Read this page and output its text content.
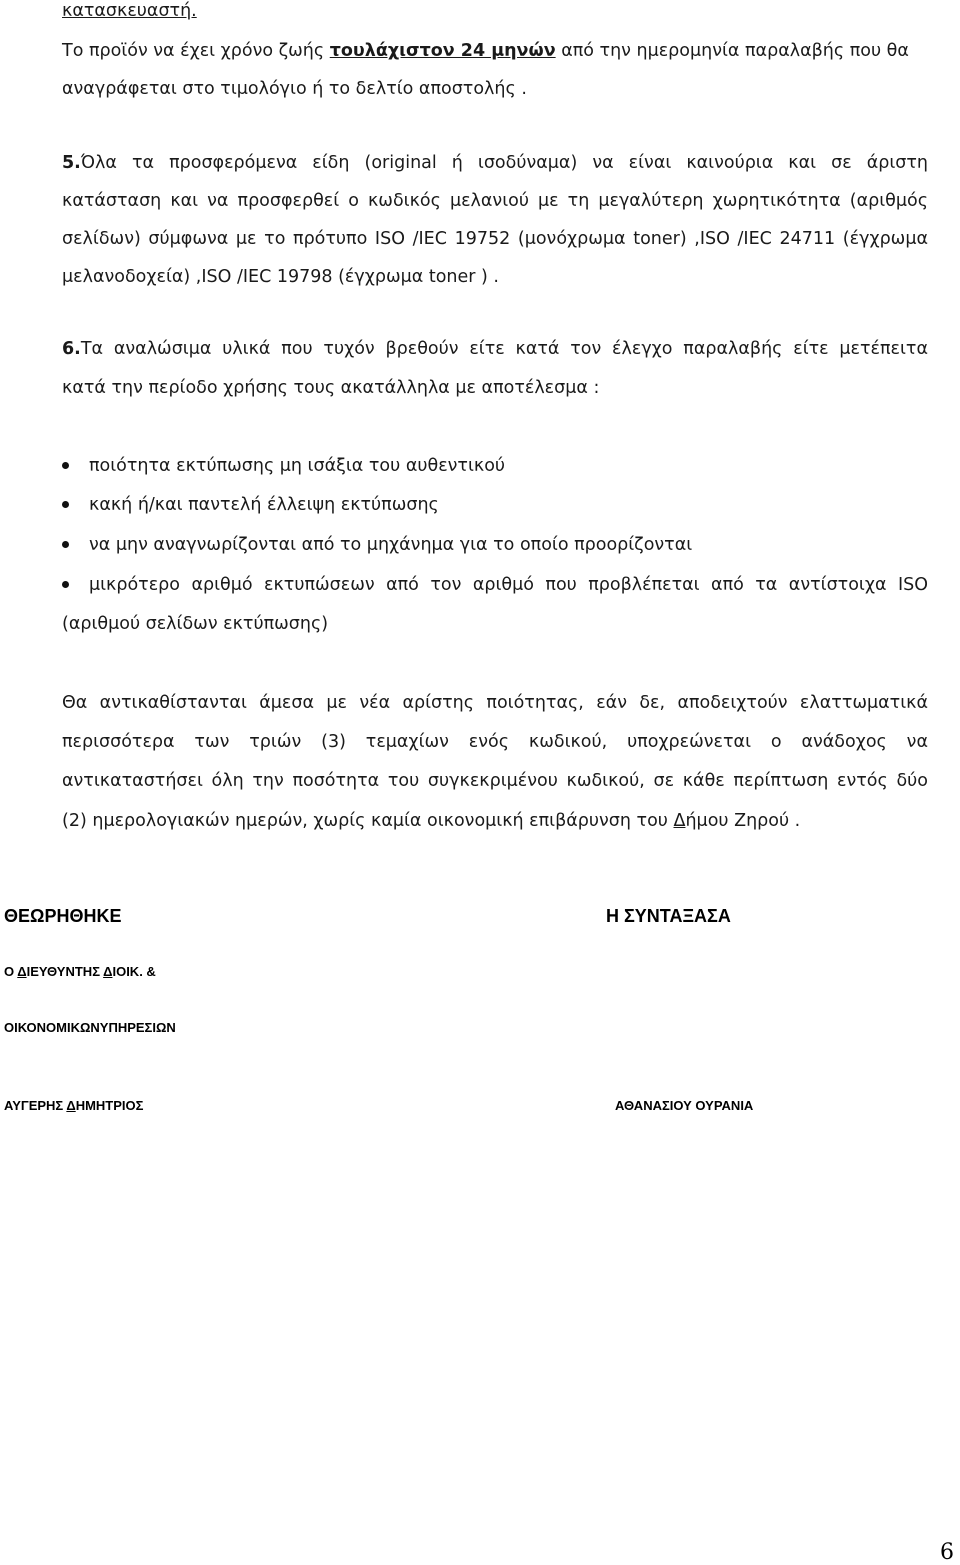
κατασκευαστή.
Το προϊόν να έχει χρόνο ζωής τουλάχιστον 24 μηνών από την ημερομηνία παραλαβής που θα
αναγράφεται στο τιμολόγιο ή το δελτίο αποστολής .
5.Όλα τα προσφερόμενα είδη (original ή ισοδύναμα) να είναι καινούρια και σε άριστη
κατάσταση και να προσφερθεί ο κωδικός μελανιού με τη μεγαλύτερη χωρητικότητα (αριθμός
σελίδων) σύμφωνα με το πρότυπο ISO /IEC 19752 (μονόχρωμα toner) ,ISO /IEC 24711 (έγχρωμα
μελανοδοχεία) ,ISO /IEC 19798 (έγχρωμα toner ) .
6.Τα αναλώσιμα υλικά που τυχόν βρεθούν είτε κατά τον έλεγχο παραλαβής είτε μετέπειτα
κατά την περίοδο χρήσης τους ακατάλληλα με αποτέλεσμα :
ποιότητα εκτύπωσης μη ισάξια του αυθεντικού
κακή ή/και παντελή έλλειψη εκτύπωσης
να μην αναγνωρίζονται από το μηχάνημα για το οποίο προορίζονται
μικρότερο αριθμό εκτυπώσεων από τον αριθμό που προβλέπεται από τα αντίστοιχα ISO
(αριθμού σελίδων εκτύπωσης)
Θα αντικαθίστανται άμεσα με νέα αρίστης ποιότητας, εάν δε, αποδειχτούν ελαττωματικά
περισσότερα των τριών (3) τεμαχίων ενός κωδικού, υποχρεώνεται ο ανάδοχος να
αντικαταστήσει όλη την ποσότητα του συγκεκριμένου κωδικού, σε κάθε περίπτωση εντός δύο
(2) ημερολογιακών ημερών, χωρίς καμία οικονομική επιβάρυνση του Δήμου Ζηρού .
ΘΕΩΡΗΘΗΚΕ	Η ΣΥΝΤΑΞΑΣΑ
Ο ΔΙΕΥΘΥΝΤΗΣ ΔΙΟΙΚ. &
ΟΙΚΟΝΟΜΙΚΩΝΥΠΗΡΕΣΙΩΝ
ΑΥΓΕΡΗΣ ΔΗΜΗΤΡΙΟΣ	ΑΘΑΝΑΣΙΟΥ ΟΥΡΑΝΙΑ
6
